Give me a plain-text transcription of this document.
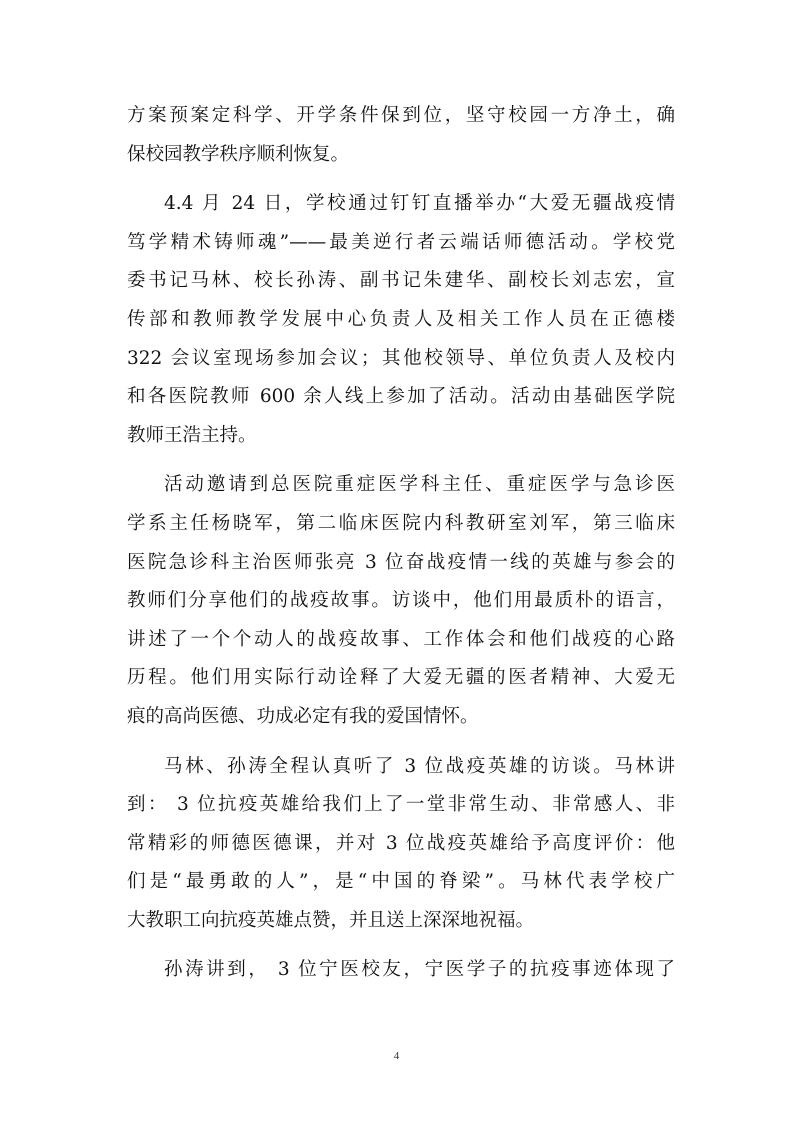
方案预案定科学、开学条件保到位，坚守校园一方净土，确
保校园教学秩序顺利恢复。
4.4 月 24 日，学校通过钉钉直播举办“大爱无疆战疫情
笃学精术铸师魂”——最美逆行者云端话师德活动。学校党
委书记马林、校长孙涛、副书记朱建华、副校长刘志宏，宣
传部和教师教学发展中心负责人及相关工作人员在正德楼
322 会议室现场参加会议；其他校领导、单位负责人及校内
和各医院教师 600 余人线上参加了活动。活动由基础医学院
教师王浩主持。
活动邀请到总医院重症医学科主任、重症医学与急诊医
学系主任杨晓军，第二临床医院内科教研室刘军，第三临床
医院急诊科主治医师张亮 3 位奋战疫情一线的英雄与参会的
教师们分享他们的战疫故事。访谈中，他们用最质朴的语言，
讲述了一个个动人的战疫故事、工作体会和他们战疫的心路
历程。他们用实际行动诠释了大爱无疆的医者精神、大爱无
痕的高尚医德、功成必定有我的爱国情怀。
马林、孙涛全程认真听了 3 位战疫英雄的访谈。马林讲
到： 3 位抗疫英雄给我们上了一堂非常生动、非常感人、非
常精彩的师德医德课，并对 3 位战疫英雄给予高度评价：他
们是“最勇敢的人”，是“中国的脊梁”。马林代表学校广
大教职工向抗疫英雄点赞，并且送上深深地祝福。
孙涛讲到， 3 位宁医校友，宁医学子的抗疫事迹体现了
4
